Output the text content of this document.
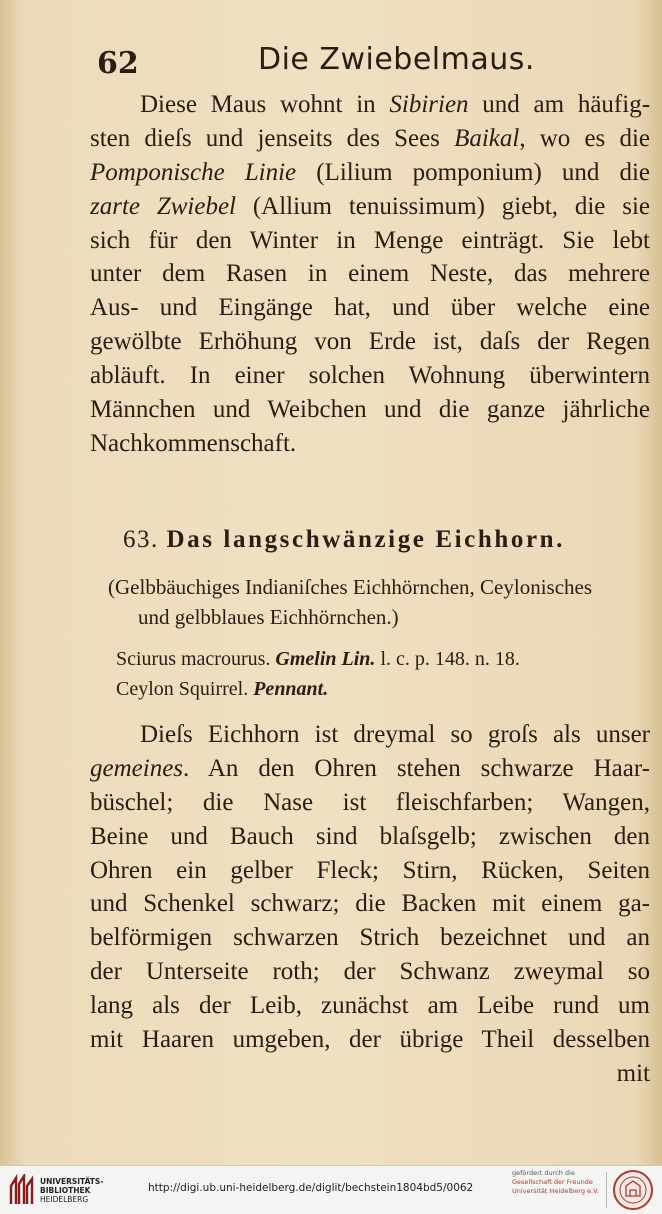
62	Die Zwiebelmaus.
Diese Maus wohnt in Sibirien und am häufig-
sten dieſs und jenseits des Sees Baikal, wo es die
Pomponische Linie (Lilium pomponium) und die
zarte Zwiebel (Allium tenuissimum) giebt, die sie
sich für den Winter in Menge einträgt. Sie lebt
unter dem Rasen in einem Neste, das mehrere
Aus- und Eingänge hat, und über welche eine
gewölbte Erhöhung von Erde ist, daſs der Regen
abläuft. In einer solchen Wohnung überwintern
Männchen und Weibchen und die ganze jährliche
Nachkommenschaft.
63. Das langschwänzige Eichhorn.
(Gelbbäuchiges Indianiſches Eichhörnchen, Ceylonisches
und gelbblaues Eichhörnchen.)
Sciurus macrourus. Gmelin Lin. l. c. p. 148. n. 18.
Ceylon Squirrel. Pennant.
Dieſs Eichhorn ist dreymal so groſs als unser
gemeines. An den Ohren stehen schwarze Haar-
büschel; die Nase ist fleischfarben; Wangen,
Beine und Bauch sind blaſsgelb; zwischen den
Ohren ein gelber Fleck; Stirn, Rücken, Seiten
und Schenkel schwarz; die Backen mit einem ga-
belförmigen schwarzen Strich bezeichnet und an
der Unterseite roth; der Schwanz zweymal so
lang als der Leib, zunächst am Leibe rund um
mit Haaren umgeben, der übrige Theil desselben
mit
UNIVERSITÄTS-
BIBLIOTHEK
HEIDELBERG
http://digi.ub.uni-heidelberg.de/diglit/bechstein1804bd5/0062
gefördert durch die
Gesellschaft der Freunde
Universität Heidelberg e.V.
